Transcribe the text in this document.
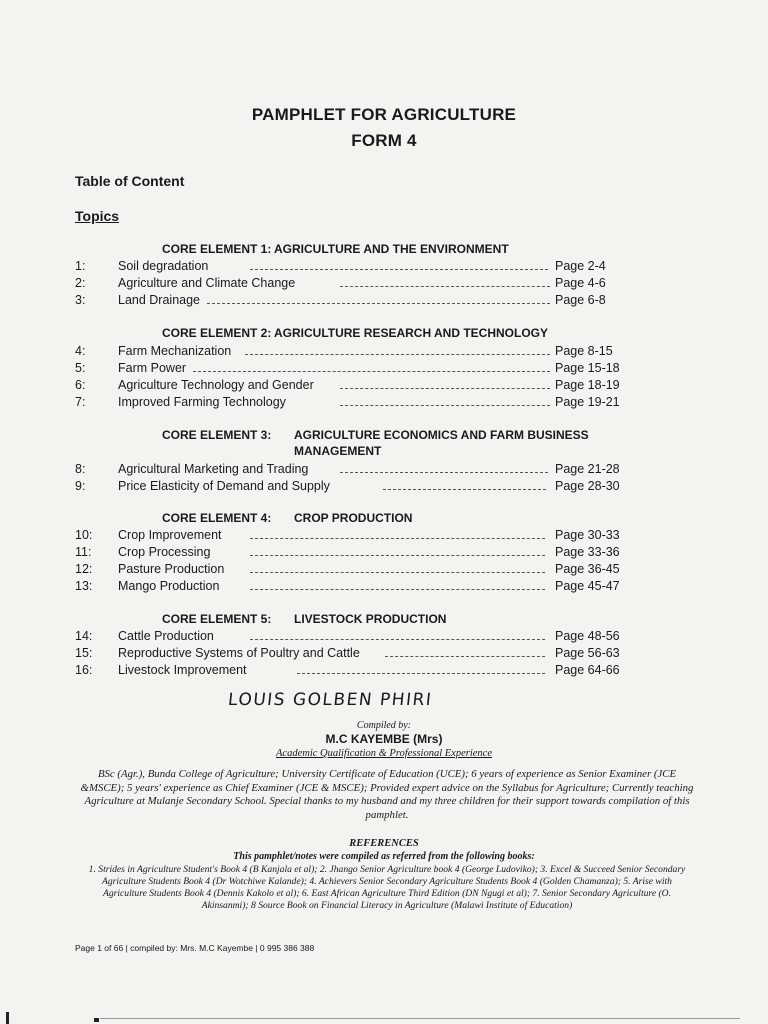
PAMPHLET FOR AGRICULTURE
FORM 4
Table of Content
Topics
CORE ELEMENT 1: AGRICULTURE AND THE ENVIRONMENT
1:	Soil degradation	Page 2-4
2:	Agriculture and Climate Change	Page 4-6
3:	Land Drainage	Page 6-8
CORE ELEMENT 2: AGRICULTURE RESEARCH AND TECHNOLOGY
4:	Farm Mechanization	Page 8-15
5:	Farm Power	Page 15-18
6:	Agriculture Technology and Gender	Page 18-19
7:	Improved Farming Technology	Page 19-21
CORE ELEMENT 3: AGRICULTURE ECONOMICS AND FARM BUSINESS
MANAGEMENT
8:	Agricultural Marketing and Trading	Page 21-28
9:	Price Elasticity of Demand and Supply	Page 28-30
CORE ELEMENT 4: CROP PRODUCTION
10:	Crop Improvement	Page 30-33
11:	Crop Processing	Page 33-36
12:	Pasture Production	Page 36-45
13:	Mango Production	Page 45-47
CORE ELEMENT 5: LIVESTOCK PRODUCTION
14:	Cattle Production	Page 48-56
15:	Reproductive Systems of Poultry and Cattle	Page 56-63
16:	Livestock Improvement	Page 64-66
LOUIS GOLBEN PHIRI
Compiled by:
M.C KAYEMBE (Mrs)
Academic Qualification & Professional Experience
BSc (Agr.), Bunda College of Agriculture; University Certificate of Education (UCE); 6 years of experience as Senior Examiner (JCE &MSCE); 5 years' experience as Chief Examiner (JCE & MSCE); Provided expert advice on the Syllabus for Agriculture; Currently teaching Agriculture at Mulanje Secondary School. Special thanks to my husband and my three children for their support towards compilation of this pamphlet.
REFERENCES
This pamphlet/notes were compiled as referred from the following books:
1. Strides in Agriculture Student's Book 4 (B Kanjala et al); 2. Jhango Senior Agriculture book 4 (George Ludoviko); 3. Excel & Succeed Senior Secondary Agriculture Students Book 4 (Dr Wotchiwe Kalande); 4. Achievers Senior Secondary Agriculture Students Book 4 (Golden Chamanza); 5. Arise with Agriculture Students Book 4 (Dennis Kakolo et al); 6. East African Agriculture Third Edition (DN Ngugi et al); 7. Senior Secondary Agriculture (O. Akinsanmi); 8 Source Book on Financial Literacy in Agriculture (Malawi Institute of Education)
Page 1 of 66 | compiled by: Mrs. M.C Kayembe | 0 995 386 388
